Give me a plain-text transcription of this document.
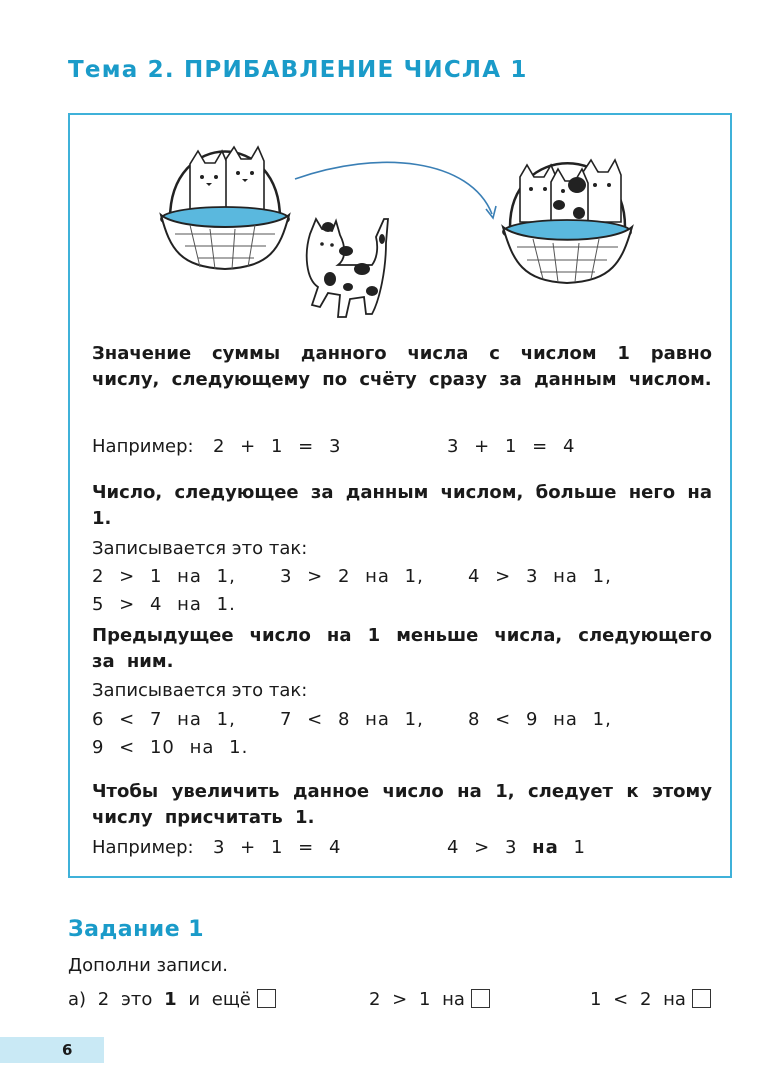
Тема 2. ПРИБАВЛЕНИЕ ЧИСЛА 1
Значение суммы данного числа с числом 1 равно числу, следующему по счёту сразу за данным числом.
Например: 2 + 1 = 3	3 + 1 = 4
Число, следующее за данным числом, больше него на 1.
Записывается это так:
2 > 1 на 1, 3 > 2 на 1, 4 > 3 на 1,
5 > 4 на 1.
Предыдущее число на 1 меньше числа, следующего за ним.
Записывается это так:
6 < 7 на 1, 7 < 8 на 1, 8 < 9 на 1,
9 < 10 на 1.
Чтобы увеличить данное число на 1, следует к этому числу присчитать 1.
Например: 3 + 1 = 4	4 > 3 на 1
Задание 1
Дополни записи.
а) 2 это 1 и ещё	2 > 1 на	1 < 2 на
6
